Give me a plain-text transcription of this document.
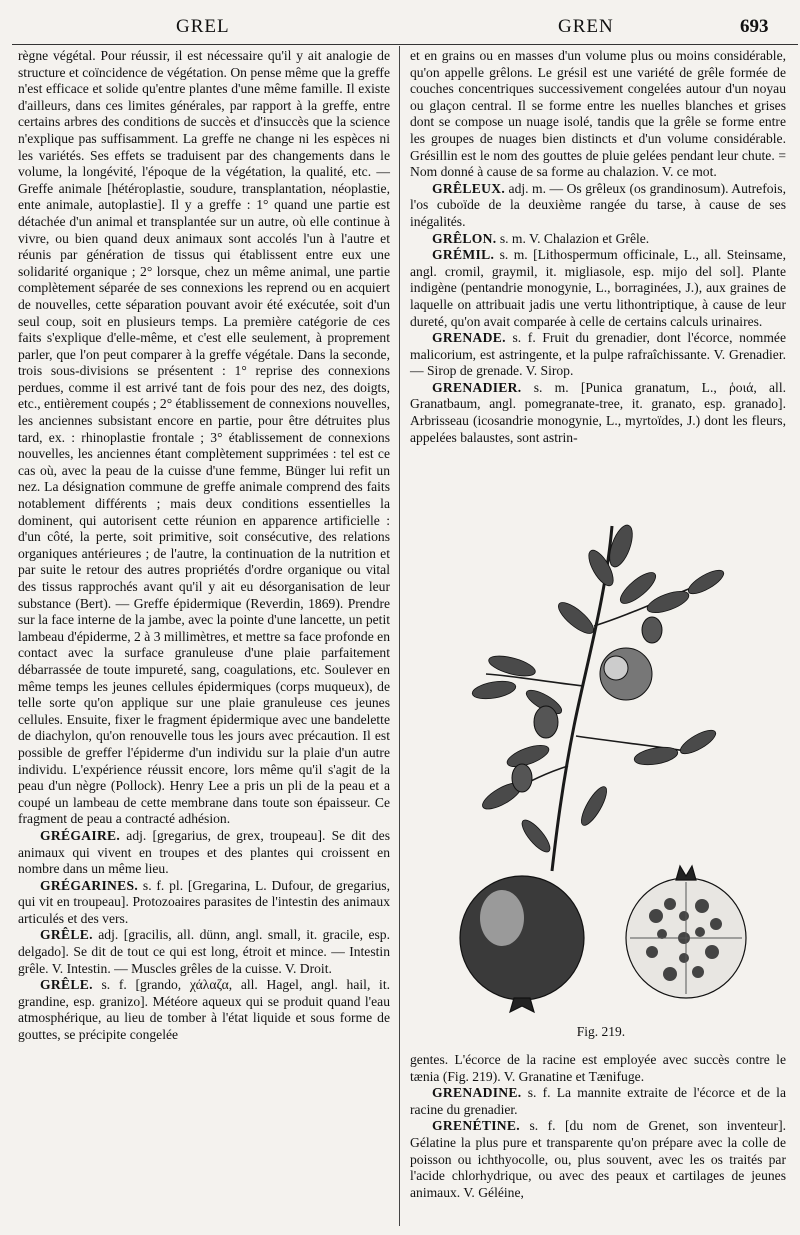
GREL	GREN	693

règne végétal. Pour réussir, il est nécessaire qu'il y ait analogie de structure et coïncidence de végétation. On pense même que la greffe n'est efficace et solide qu'entre plantes d'une même famille. Il existe d'ailleurs, dans ces limites générales, par rapport à la greffe, entre certains arbres des conditions de succès et d'insuccès que la science n'explique pas suffisamment. La greffe ne change ni les espèces ni les variétés. Ses effets se traduisent par des changements dans le volume, la longévité, l'époque de la végétation, la qualité, etc. — Greffe animale [hétéroplastie, soudure, transplantation, néoplastie, ente animale, autoplastie]. Il y a greffe : 1° quand une partie est détachée d'un animal et transplantée sur un autre, où elle continue à vivre, ou bien quand deux animaux sont accolés l'un à l'autre et réunis par génération de tissus qui établissent entre eux une solidarité organique ; 2° lorsque, chez un même animal, une partie complètement séparée de ses connexions les reprend ou en acquiert de nouvelles, cette séparation pouvant avoir été exécutée, soit d'un seul coup, soit en plusieurs temps. La première catégorie de ces faits s'explique d'elle-même, et c'est elle seulement, à proprement parler, que l'on peut comparer à la greffe végétale. Dans la seconde, trois sous-divisions se présentent : 1° reprise des connexions perdues, comme il est arrivé tant de fois pour des nez, des doigts, etc., entièrement coupés ; 2° établissement de connexions nouvelles, les anciennes subsistant encore en partie, pour être détruites plus tard, ex. : rhinoplastie frontale ; 3° établissement de connexions nouvelles, les anciennes étant complètement supprimées : tel est ce cas où, avec la peau de la cuisse d'une femme, Bünger lui refit un nez. La désignation commune de greffe animale comprend des faits notablement différents ; mais deux conditions essentielles la dominent, qui autorisent cette réunion en apparence artificielle : d'un côté, la perte, soit primitive, soit consécutive, des relations organiques antérieures ; de l'autre, la continuation de la nutrition et par suite le retour des autres propriétés d'ordre organique ou vital des tissus rapprochés avant qu'il y ait eu désorganisation de leur substance (Bert). — Greffe épidermique (Reverdin, 1869). Prendre sur la face interne de la jambe, avec la pointe d'une lancette, un petit lambeau d'épiderme, 2 à 3 millimètres, et mettre sa face profonde en contact avec la surface granuleuse d'une plaie parfaitement débarrassée de toute impureté, sang, coagulations, etc. Soulever en même temps les jeunes cellules épidermiques (corps muqueux), de telle sorte qu'on applique sur une plaie granuleuse ces jeunes cellules. Ensuite, fixer le fragment épidermique avec une bandelette de diachylon, qu'on renouvelle tous les jours avec précaution. Il est possible de greffer l'épiderme d'un individu sur la plaie d'un autre individu. L'expérience réussit encore, lors même qu'il s'agit de la peau d'un nègre (Pollock). Henry Lee a pris un pli de la peau et a coupé un lambeau de cette membrane dans toute son épaisseur. Ce fragment de peau a contracté adhésion.

GRÉGAIRE. adj. [gregarius, de grex, troupeau]. Se dit des animaux qui vivent en troupes et des plantes qui croissent en nombre dans un même lieu.

GRÉGARINES. s. f. pl. [Gregarina, L. Dufour, de gregarius, qui vit en troupeau]. Protozoaires parasites de l'intestin des animaux articulés et des vers.

GRÊLE. adj. [gracilis, all. dünn, angl. small, it. gracile, esp. delgado]. Se dit de tout ce qui est long, étroit et mince. — Intestin grêle. V. Intestin. — Muscles grêles de la cuisse. V. Droit.

GRÊLE. s. f. [grando, χάλαζα, all. Hagel, angl. hail, it. grandine, esp. granizo]. Météore aqueux qui se produit quand l'eau atmosphérique, au lieu de tomber à l'état liquide et sous forme de gouttes, se précipite congelée

et en grains ou en masses d'un volume plus ou moins considérable, qu'on appelle grêlons. Le grésil est une variété de grêle formée de couches concentriques successivement congelées autour d'un noyau ou glaçon central. Il se forme entre les nuelles blanches et grises dont se compose un nuage isolé, tandis que la grêle se forme entre les groupes de nuages bien distincts et d'un volume considérable. Grésillin est le nom des gouttes de pluie gelées pendant leur chute. = Nom donné à cause de sa forme au chalazion. V. ce mot.

GRÊLEUX. adj. m. — Os grêleux (os grandinosum). Autrefois, l'os cuboïde de la deuxième rangée du tarse, à cause de ses inégalités.

GRÊLON. s. m. V. Chalazion et Grêle.

GRÉMIL. s. m. [Lithospermum officinale, L., all. Steinsame, angl. cromil, graymil, it. migliasole, esp. mijo del sol]. Plante indigène (pentandrie monogynie, L., borraginées, J.), aux graines de laquelle on attribuait jadis une vertu lithontriptique, à cause de leur dureté, qu'on avait comparée à celle de certains calculs urinaires.

GRENADE. s. f. Fruit du grenadier, dont l'écorce, nommée malicorium, est astringente, et la pulpe rafraîchissante. V. Grenadier. — Sirop de grenade. V. Sirop.

GRENADIER. s. m. [Punica granatum, L., ῥοιά, all. Granatbaum, angl. pomegranate-tree, it. granato, esp. granado]. Arbrisseau (icosandrie monogynie, L., myrtoïdes, J.) dont les fleurs, appelées balaustes, sont astrin-

Fig. 219.

gentes. L'écorce de la racine est employée avec succès contre le tænia (Fig. 219). V. Granatine et Tænifuge.

GRENADINE. s. f. La mannite extraite de l'écorce et de la racine du grenadier.

GRENÉTINE. s. f. [du nom de Grenet, son inventeur]. Gélatine la plus pure et transparente qu'on prépare avec la colle de poisson ou ichthyocolle, ou, plus souvent, avec les os traités par l'acide chlorhydrique, ou avec des peaux et cartilages de jeunes animaux. V. Géléine,
